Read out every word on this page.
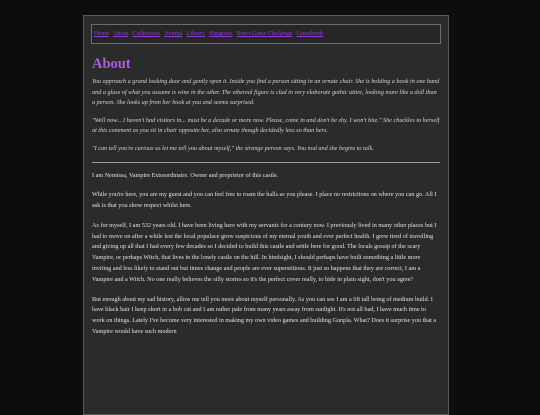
Home About Collections Journal Library Hangouts Retro Game Challenge Guestbook
About

You approach a grand looking door and gently open it. Inside you find a person sitting in an ornate chair. She is holding a book in one hand and a glass of what you assume is wine in the other. The ethereal figure is clad in very elaborate gothic attire, looking more like a doll than a person. She looks up from her book at you and seems surprised.

"Well now... I haven't had visitors in... must be a decade or more now. Please, come in and don't be shy. I won't bite." She chuckles to herself at this comment as you sit in chair opposite her, also ornate though decidedly less so than hers.

"I can tell you're curious so let me tell you about myself," the strange person says. You nod and she begins to talk.

I am Nemissa, Vampire Extraordinaire. Owner and proprietor of this castle.

While you're here, you are my guest and you can feel free to roam the halls as you please. I place no restrictions on where you can go. All I ask is that you show respect whilst here.

As for myself, I am 532 years old. I have been living here with my servants for a century now. I previously lived in many other places but I had to move on after a while lest the local populace grow suspicious of my eternal youth and ever perfect health. I grew tired of travelling and giving up all that I had every few decades so I decided to build this castle and settle here for good. The locals gossip of the scary Vampire, or perhaps Witch, that lives in the lonely castle on the hill. In hindsight, I should perhaps have built something a little more inviting and less likely to stand out but times change and people are ever superstitious. It just so happens that they are correct, I am a Vampire and a Witch. No one really believes the silly stories so it's the perfect cover really, to hide in plain sight, don't you agree?

But enough about my sad history, allow me tell you more about myself personally. As you can see I am a 6ft tall being of medium build. I have black hair I keep short in a bob cut and I am rather pale from many years away from sunlight. It's not all bad, I have much time to work on things. Lately I've become very interested in making my own video games and building Gunpla. What? Does it surprise you that a Vampire would have such modern
